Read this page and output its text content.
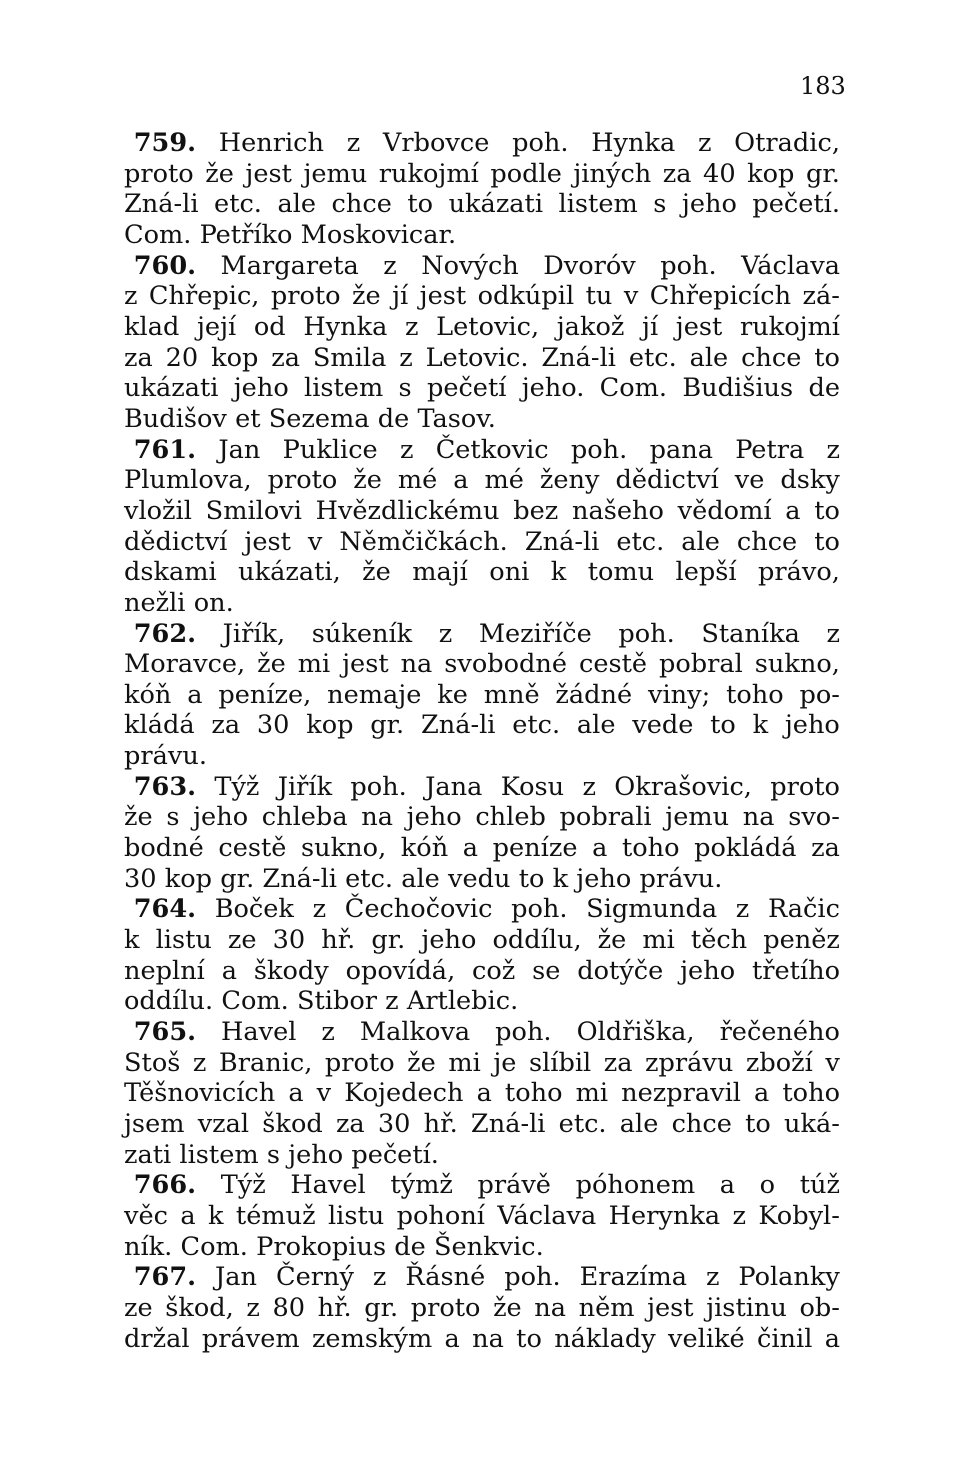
183
759. Henrich z Vrbovce poh. Hynka z Otradic,
proto že jest jemu rukojmí podle jiných za 40 kop gr.
Zná-li etc. ale chce to ukázati listem s jeho pečetí.
Com. Petříko Moskovicar.
760. Margareta z Nových Dvoróv poh. Václava
z Chřepic, proto že jí jest odkúpil tu v Chřepicích zá-
klad její od Hynka z Letovic, jakož jí jest rukojmí
za 20 kop za Smila z Letovic. Zná-li etc. ale chce to
ukázati jeho listem s pečetí jeho. Com. Budišius de
Budišov et Sezema de Tasov.
761. Jan Puklice z Četkovic poh. pana Petra z
Plumlova, proto že mé a mé ženy dědictví ve dsky
vložil Smilovi Hvězdlickému bez našeho vědomí a to
dědictví jest v Němčičkách. Zná-li etc. ale chce to
dskami ukázati, že mají oni k tomu lepší právo,
nežli on.
762. Jiřík, súkeník z Meziříče poh. Staníka z
Moravce, že mi jest na svobodné cestě pobral sukno,
kóň a peníze, nemaje ke mně žádné viny; toho po-
kládá za 30 kop gr. Zná-li etc. ale vede to k jeho
právu.
763. Týž Jiřík poh. Jana Kosu z Okrašovic, proto
že s jeho chleba na jeho chleb pobrali jemu na svo-
bodné cestě sukno, kóň a peníze a toho pokládá za
30 kop gr. Zná-li etc. ale vedu to k jeho právu.
764. Boček z Čechočovic poh. Sigmunda z Račic
k listu ze 30 hř. gr. jeho oddílu, že mi těch peněz
neplní a škody opovídá, což se dotýče jeho třetího
oddílu. Com. Stibor z Artlebic.
765. Havel z Malkova poh. Oldřiška, řečeného
Stoš z Branic, proto že mi je slíbil za zprávu zboží v
Těšnovicích a v Kojedech a toho mi nezpravil a toho
jsem vzal škod za 30 hř. Zná-li etc. ale chce to uká-
zati listem s jeho pečetí.
766. Týž Havel týmž právě póhonem a o túž
věc a k témuž listu pohoní Václava Herynka z Kobyl-
ník. Com. Prokopius de Šenkvic.
767. Jan Černý z Řásné poh. Erazíma z Polanky
ze škod, z 80 hř. gr. proto že na něm jest jistinu ob-
držal právem zemským a na to náklady veliké činil a
